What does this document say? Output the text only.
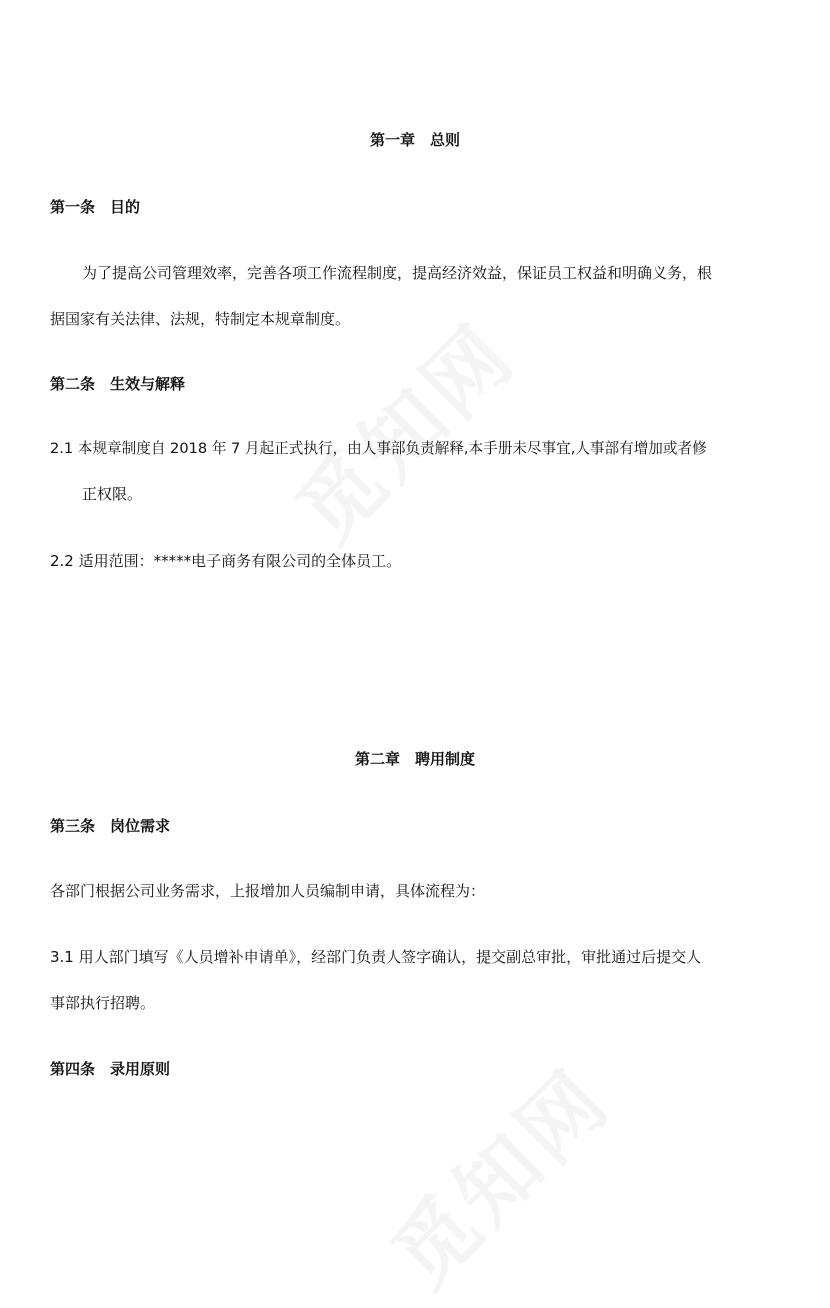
第一章　总则
第一条　目的
为了提高公司管理效率，完善各项工作流程制度，提高经济效益，保证员工权益和明确义务，根
据国家有关法律、法规，特制定本规章制度。
第二条　生效与解释
2.1 本规章制度自 2018 年 7 月起正式执行，由人事部负责解释,本手册未尽事宜,人事部有增加或者修
正权限。
2.2 适用范围：*****电子商务有限公司的全体员工。
第二章　聘用制度
第三条　岗位需求
各部门根据公司业务需求，上报增加人员编制申请，具体流程为：
3.1 用人部门填写《人员增补申请单》，经部门负责人签字确认，提交副总审批，审批通过后提交人
事部执行招聘。
第四条　录用原则
